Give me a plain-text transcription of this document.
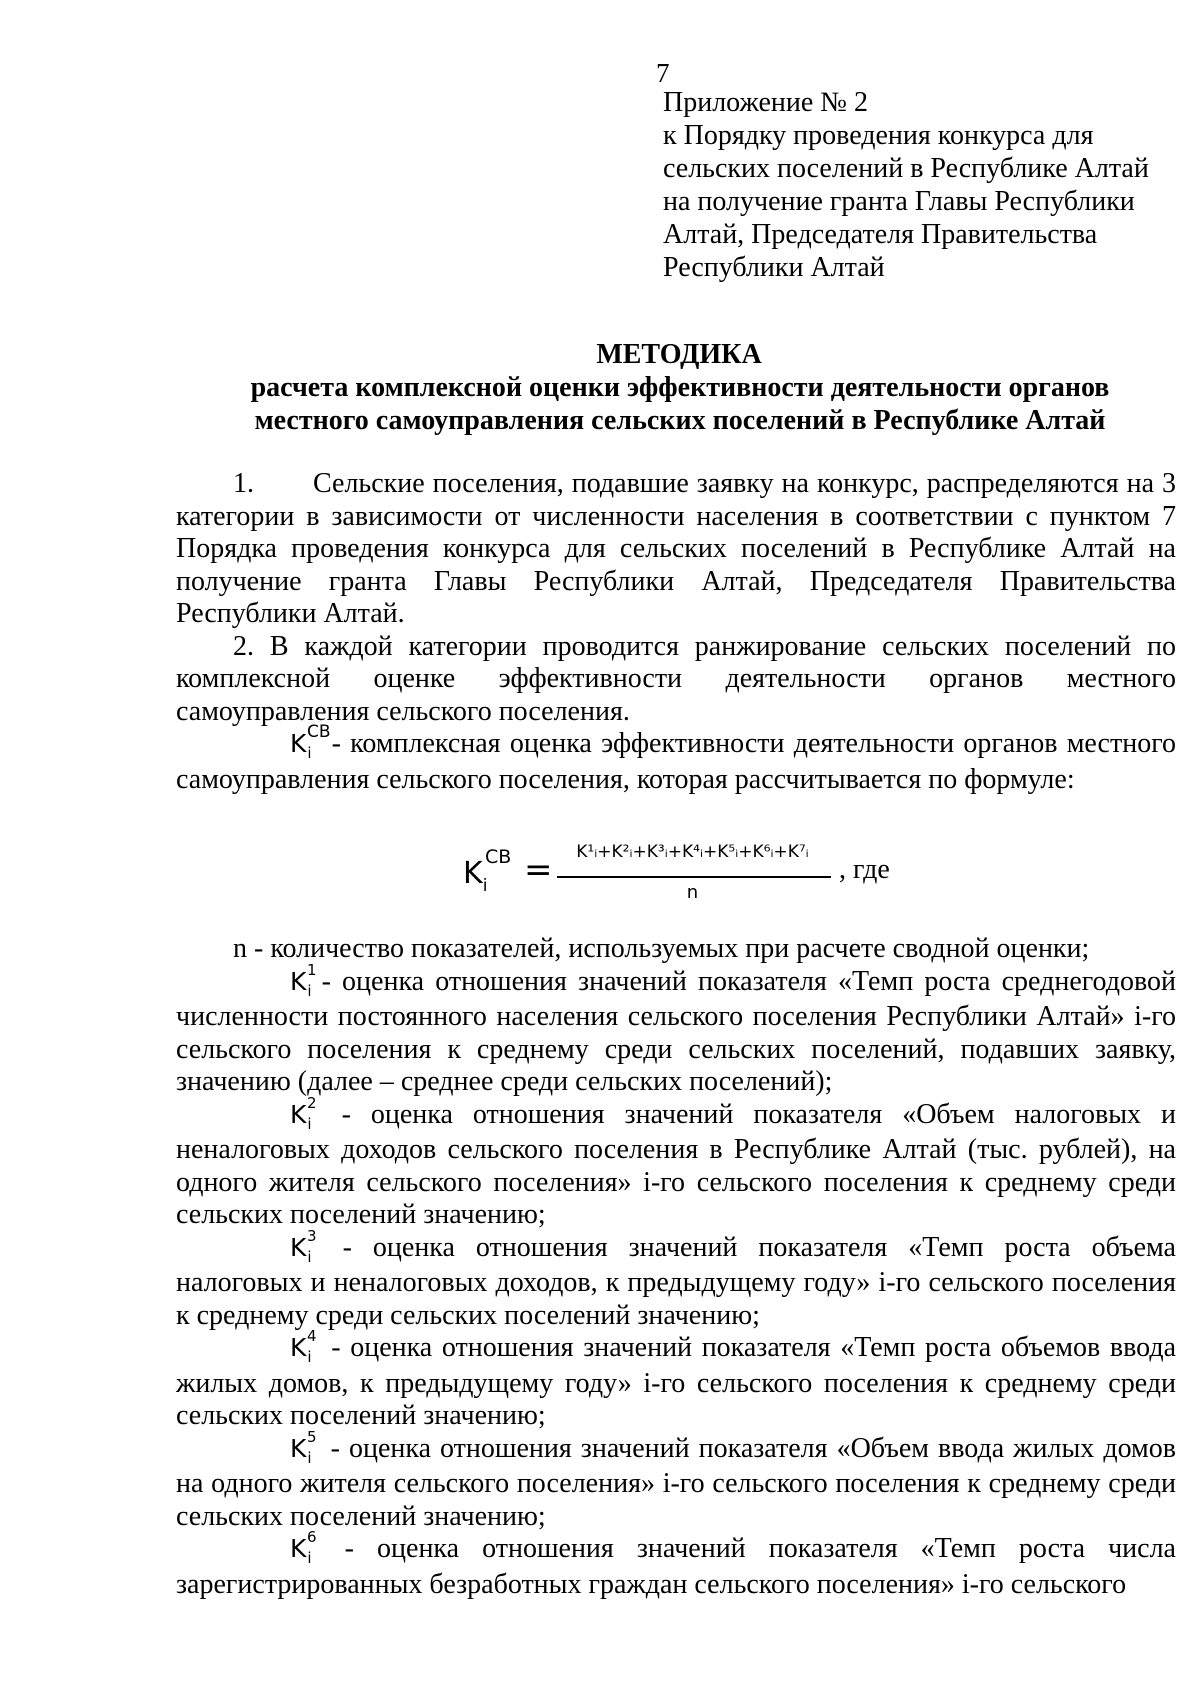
7
Приложение № 2
к Порядку проведения конкурса для
сельских поселений в Республике Алтай
на получение гранта Главы Республики
Алтай, Председателя Правительства
Республики Алтай
МЕТОДИКА
расчета комплексной оценки эффективности деятельности органов
местного самоуправления сельских поселений в Республике Алтай

1. Сельские поселения, подавшие заявку на конкурс, распределяются на 3 категории в зависимости от численности населения в соответствии с пунктом 7 Порядка проведения конкурса для сельских поселений в Республике Алтай на получение гранта Главы Республики Алтай, Председателя Правительства Республики Алтай.

2. В каждой категории проводится ранжирование сельских поселений по комплексной оценке эффективности деятельности органов местного самоуправления сельского поселения.

$K_i$
СВ - комплексная оценка эффективности деятельности органов местного самоуправления сельского поселения, которая рассчитывается по формуле:

$K_i$
СВ =	K¹ᵢ+K²ᵢ+K³ᵢ+K⁴ᵢ+K⁵ᵢ+K⁶ᵢ+K⁷ᵢ
n
, где

n - количество показателей, используемых при расчете сводной оценки;

$K_i$
1 - оценка отношения значений показателя «Темп роста среднегодовой численности постоянного населения сельского поселения Республики Алтай» i-го сельского поселения к среднему среди сельских поселений, подавших заявку, значению (далее – среднее среди сельских поселений);

$K_i$
2 - оценка отношения значений показателя «Объем налоговых и неналоговых доходов сельского поселения в Республике Алтай (тыс. рублей), на одного жителя сельского поселения» i-го сельского поселения к среднему среди сельских поселений значению;

$K_i$
3 - оценка отношения значений показателя «Темп роста объема налоговых и неналоговых доходов, к предыдущему году» i-го сельского поселения к среднему среди сельских поселений значению;

$K_i$
4 - оценка отношения значений показателя «Темп роста объемов ввода жилых домов, к предыдущему году» i-го сельского поселения к среднему среди сельских поселений значению;

$K_i$
5 - оценка отношения значений показателя «Объем ввода жилых домов на одного жителя сельского поселения» i-го сельского поселения к среднему среди сельских поселений значению;

$K_i$
6 - оценка отношения значений показателя «Темп роста числа зарегистрированных безработных граждан сельского поселения» i-го сельского
